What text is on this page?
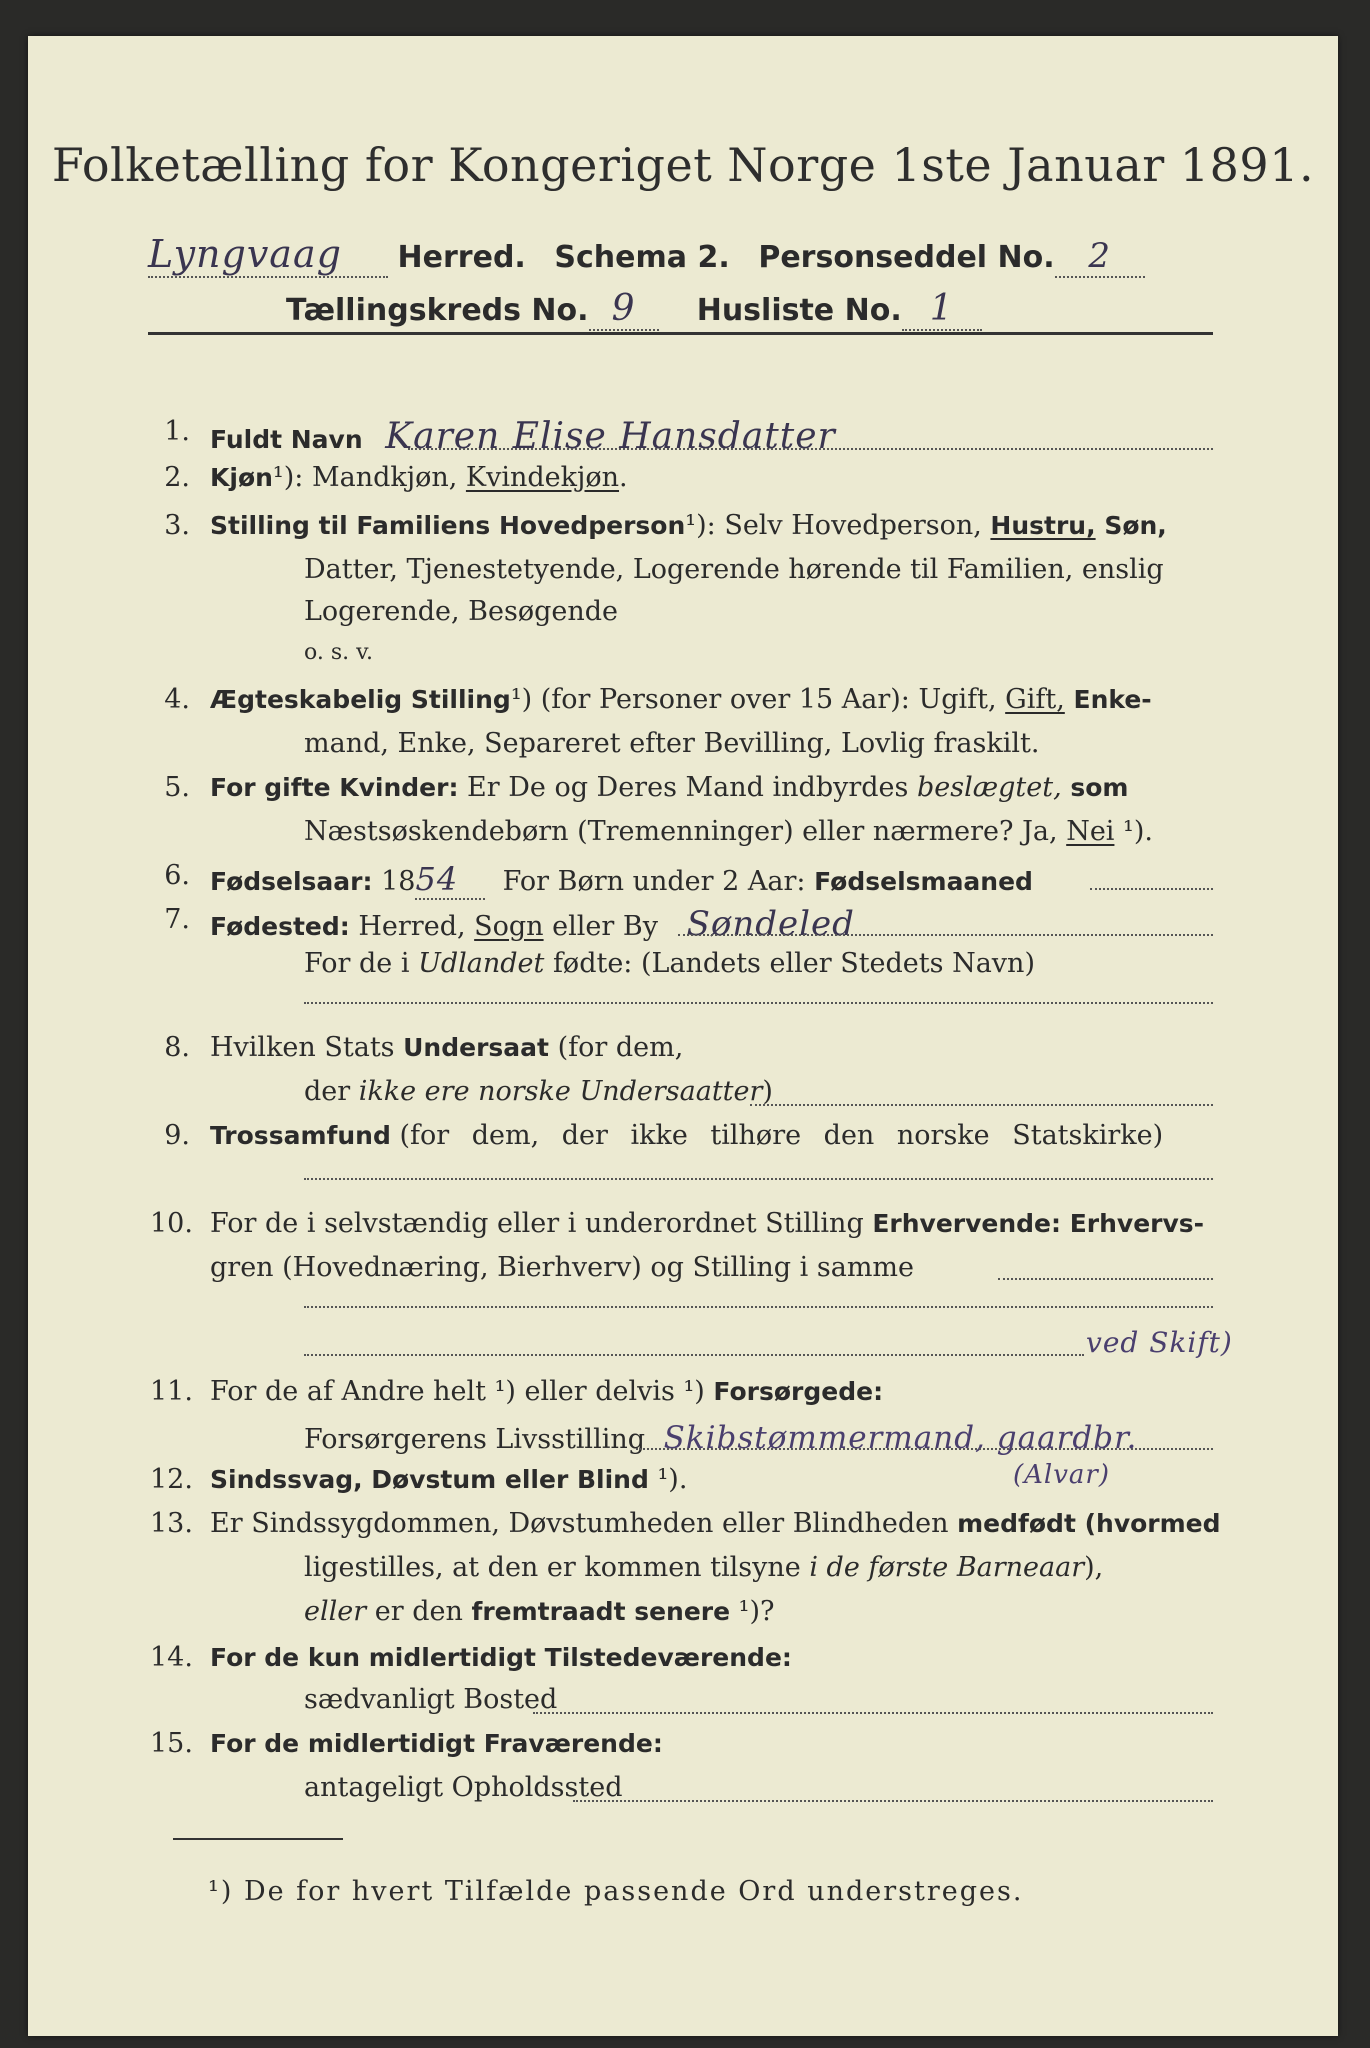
Folketælling for Kongeriget Norge 1ste Januar 1891.
Lyngvaag Herred. Schema 2. Personseddel No. 2
Tællingskreds No. 9 Husliste No. 1
1. Fuldt Navn Karen Elise Hansdatter
2. Kjøn¹): Mandkjøn, Kvindekjøn.
3. Stilling til Familiens Hovedperson¹): Selv Hovedperson, Hustru, Søn,
Datter, Tjenestetyende, Logerende hørende til Familien, enslig
Logerende, Besøgende
o. s. v.
4. Ægteskabelig Stilling¹) (for Personer over 15 Aar): Ugift, Gift, Enke-
mand, Enke, Separeret efter Bevilling, Lovlig fraskilt.
5. For gifte Kvinder: Er De og Deres Mand indbyrdes beslægtet, som
Næstsøskendebørn (Tremenninger) eller nærmere? Ja, Nei ¹).
6. Fødselsaar: 1854 For Børn under 2 Aar: Fødselsmaaned
7. Fødested: Herred, Sogn eller By Søndeled
For de i Udlandet fødte: (Landets eller Stedets Navn)
8. Hvilken Stats Undersaat (for dem,
der ikke ere norske Undersaatter)
9. Trossamfund (for dem, der ikke tilhøre den norske Statskirke)
10. For de i selvstændig eller i underordnet Stilling Erhvervende: Erhvervs-
gren (Hovednæring, Bierhverv) og Stilling i samme
ved Skift)
11. For de af Andre helt ¹) eller delvis ¹) Forsørgede:
Forsørgerens Livsstilling Skibstømmermand, gaardbr.
(Alvar)
12. Sindssvag, Døvstum eller Blind ¹).
13. Er Sindssygdommen, Døvstumheden eller Blindheden medfødt (hvormed
ligestilles, at den er kommen tilsyne i de første Barneaar),
eller er den fremtraadt senere ¹)?
14. For de kun midlertidigt Tilstedeværende:
sædvanligt Bosted
15. For de midlertidigt Fraværende:
antageligt Opholdssted
¹) De for hvert Tilfælde passende Ord understreges.
